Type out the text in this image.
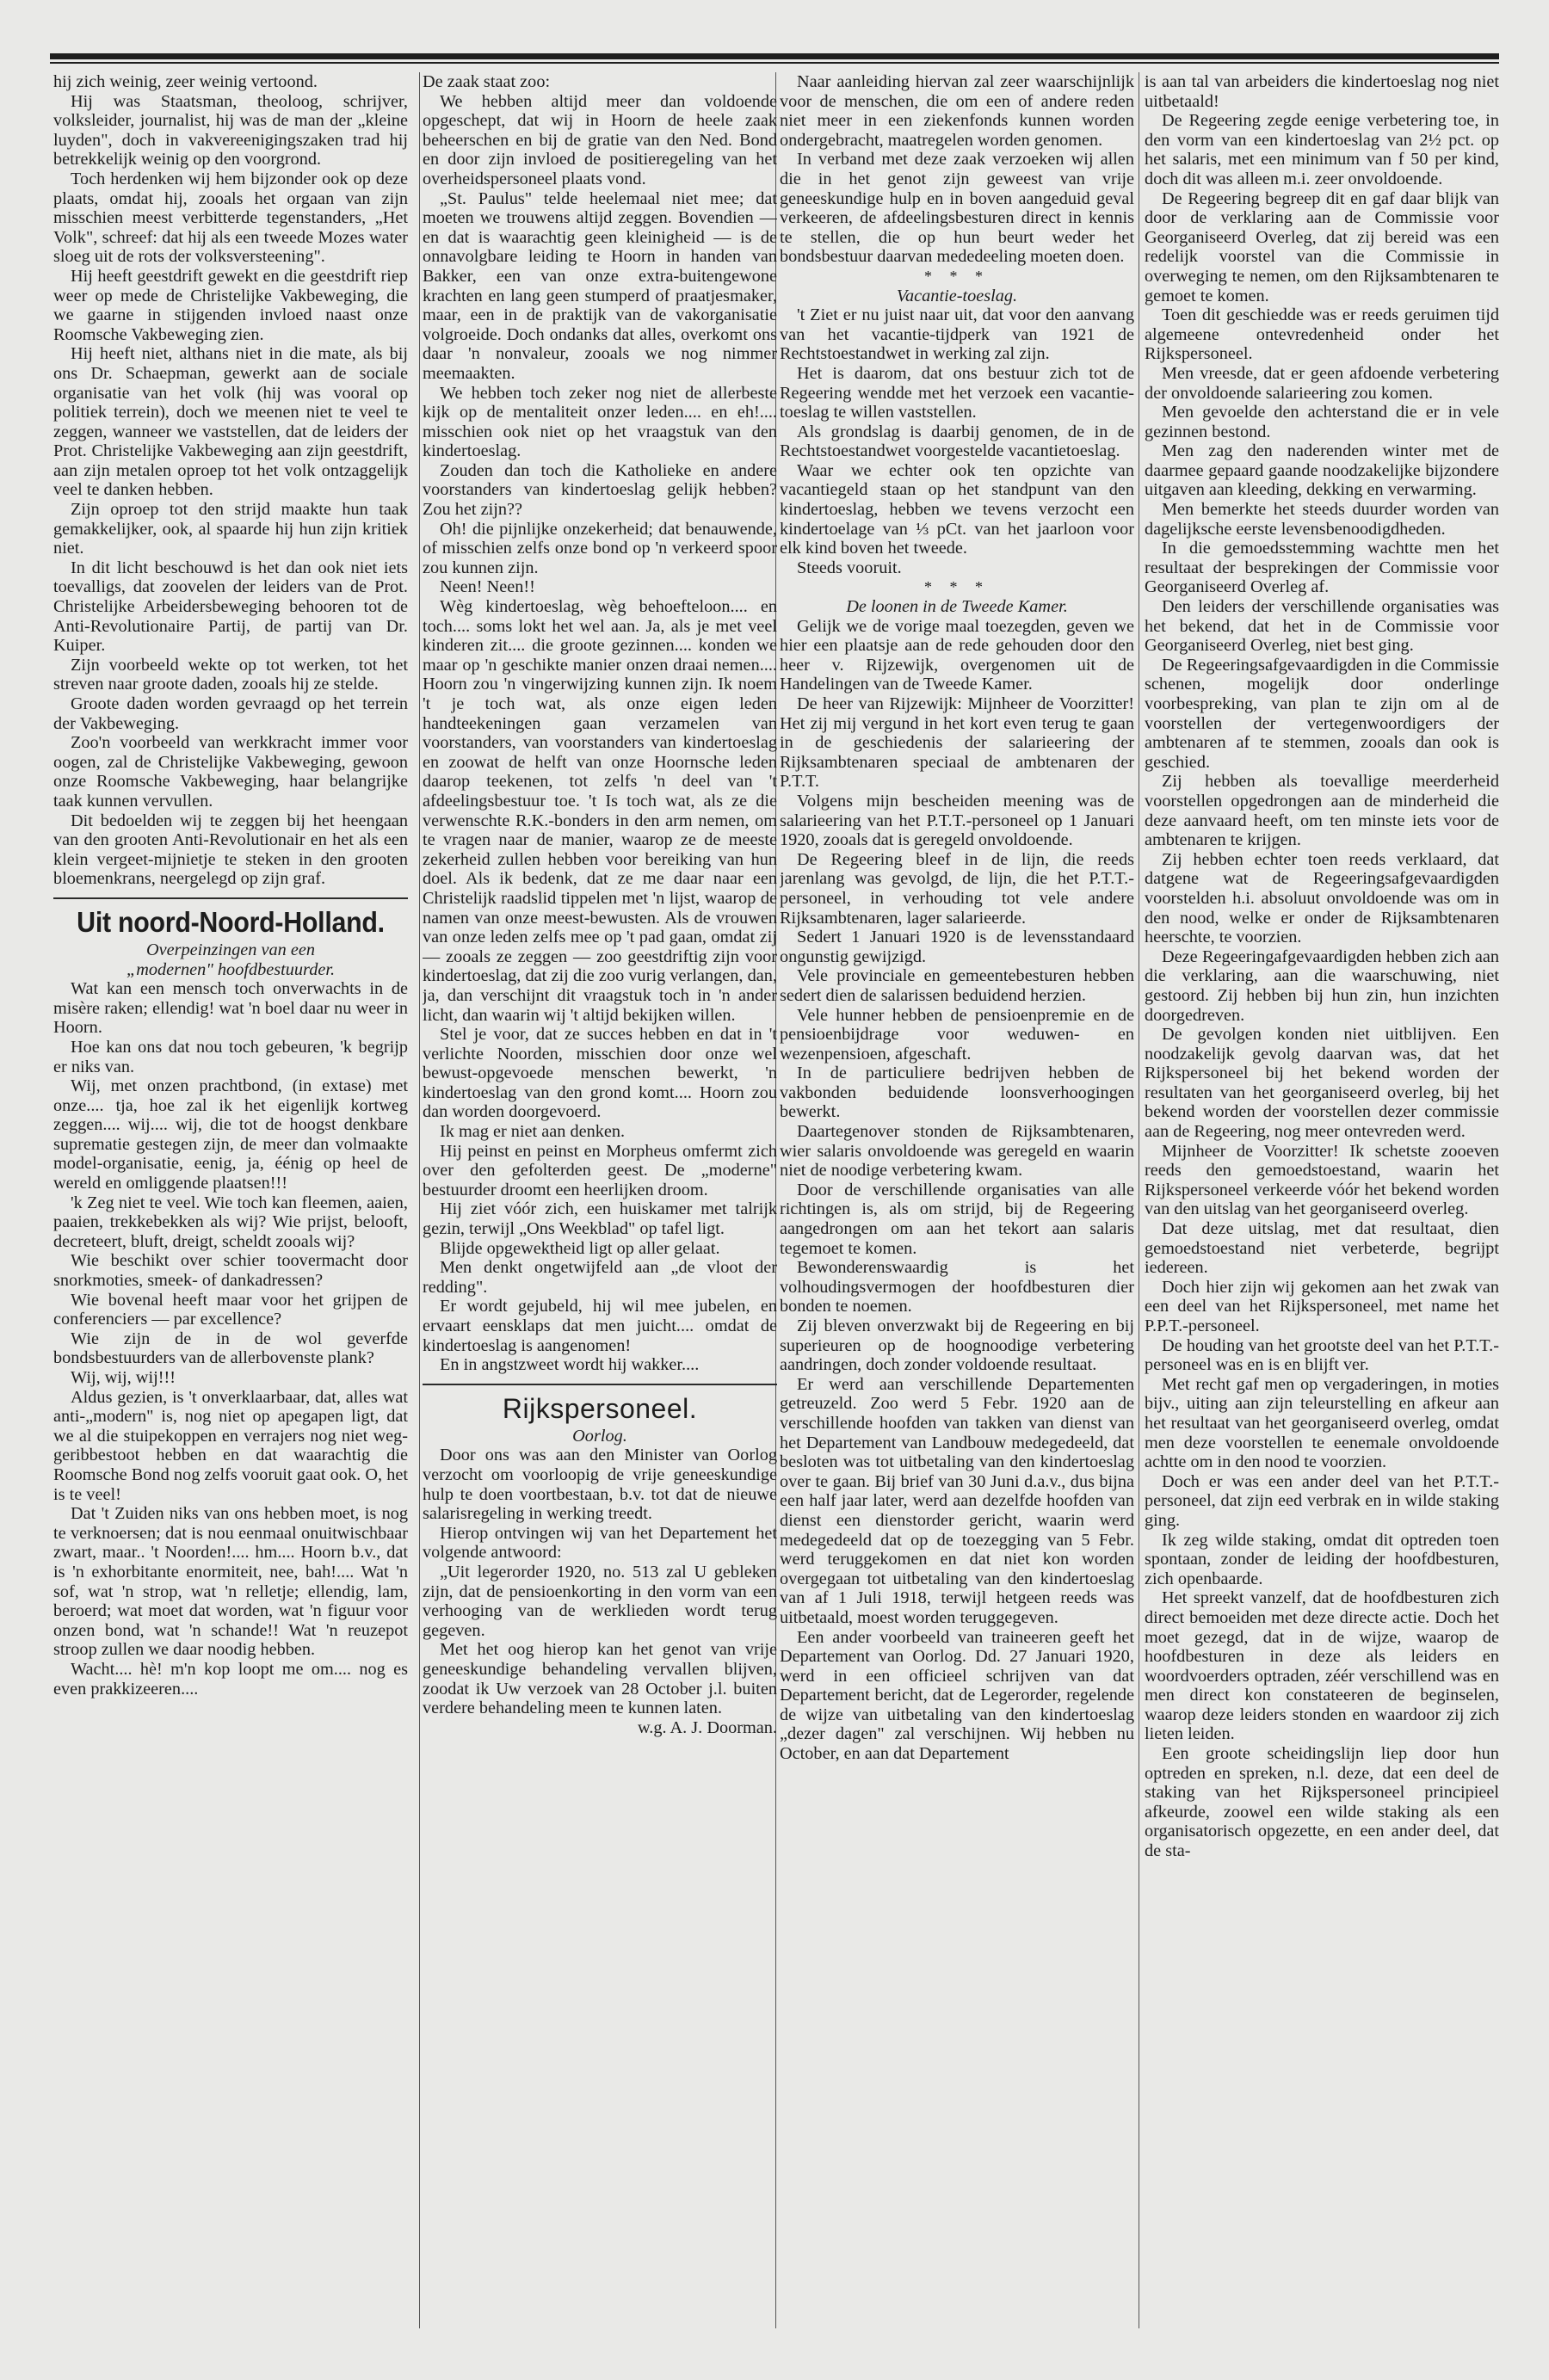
hij zich weinig, zeer weinig vertoond.

Hij was Staatsman, theoloog, schrijver, volksleider, journalist, hij was de man der „kleine luyden", doch in vakvereenigingszaken trad hij betrekkelijk weinig op den voorgrond.

Toch herdenken wij hem bijzonder ook op deze plaats, omdat hij, zooals het orgaan van zijn misschien meest verbitterde tegenstanders, „Het Volk", schreef: dat hij als een tweede Mozes water sloeg uit de rots der volksversteening".

Hij heeft geestdrift gewekt en die geestdrift riep weer op mede de Christelijke Vakbeweging, die we gaarne in stijgenden invloed naast onze Roomsche Vakbeweging zien.

Hij heeft niet, althans niet in die mate, als bij ons Dr. Schaepman, gewerkt aan de sociale organisatie van het volk (hij was vooral op politiek terrein), doch we meenen niet te veel te zeggen, wanneer we vaststellen, dat de leiders der Prot. Christelijke Vakbeweging aan zijn geestdrift, aan zijn metalen oproep tot het volk ontzaggelijk veel te danken hebben.

Zijn oproep tot den strijd maakte hun taak gemakkelijker, ook, al spaarde hij hun zijn kritiek niet.

In dit licht beschouwd is het dan ook niet iets toevalligs, dat zoovelen der leiders van de Prot. Christelijke Arbeidersbeweging behooren tot de Anti-Revolutionaire Partij, de partij van Dr. Kuiper.

Zijn voorbeeld wekte op tot werken, tot het streven naar groote daden, zooals hij ze stelde.

Groote daden worden gevraagd op het terrein der Vakbeweging.

Zoo'n voorbeeld van werkkracht immer voor oogen, zal de Christelijke Vakbeweging, gewoon onze Roomsche Vakbeweging, haar belangrijke taak kunnen vervullen.

Dit bedoelden wij te zeggen bij het heengaan van den grooten Anti-Revolutionair en het als een klein vergeet-mijnietje te steken in den grooten bloemenkrans, neergelegd op zijn graf.

Uit noord-Noord-Holland.

Overpeinzingen van een

„modernen" hoofdbestuurder.

Wat kan een mensch toch onverwachts in de misère raken; ellendig! wat 'n boel daar nu weer in Hoorn.

Hoe kan ons dat nou toch gebeuren, 'k begrijp er niks van.

Wij, met onzen prachtbond, (in extase) met onze.... tja, hoe zal ik het eigenlijk kortweg zeggen.... wij.... wij, die tot de hoogst denkbare suprematie gestegen zijn, de meer dan volmaakte model-organisatie, eenig, ja, éénig op heel de wereld en omliggende plaatsen!!!

'k Zeg niet te veel. Wie toch kan fleemen, aaien, paaien, trekkebekken als wij? Wie prijst, belooft, decreteert, bluft, dreigt, scheldt zooals wij?

Wie beschikt over schier toovermacht door snorkmoties, smeek- of dankadressen?

Wie bovenal heeft maar voor het grijpen de conferenciers — par excellence?

Wie zijn de in de wol geverfde bondsbestuurders van de allerbovenste plank?

Wij, wij, wij!!!

Aldus gezien, is 't onverklaarbaar, dat, alles wat anti-„modern" is, nog niet op apegapen ligt, dat we al die stuipekoppen en verrajers nog niet weg-geribbestoot hebben en dat waarachtig die Roomsche Bond nog zelfs vooruit gaat ook. O, het is te veel!

Dat 't Zuiden niks van ons hebben moet, is nog te verknoersen; dat is nou eenmaal onuitwischbaar zwart, maar.. 't Noorden!.... hm.... Hoorn b.v., dat is 'n exhorbitante enormiteit, nee, bah!.... Wat 'n sof, wat 'n strop, wat 'n relletje; ellendig, lam, beroerd; wat moet dat worden, wat 'n figuur voor onzen bond, wat 'n schande!! Wat 'n reuzepot stroop zullen we daar noodig hebben.

Wacht.... hè! m'n kop loopt me om.... nog es even prakkizeeren....

De zaak staat zoo:

We hebben altijd meer dan voldoende opgeschept, dat wij in Hoorn de heele zaak beheerschen en bij de gratie van den Ned. Bond en door zijn invloed de positieregeling van het overheidspersoneel plaats vond.

„St. Paulus" telde heelemaal niet mee; dat moeten we trouwens altijd zeggen. Bovendien — en dat is waarachtig geen kleinigheid — is de onnavolgbare leiding te Hoorn in handen van Bakker, een van onze extra-buitengewone krachten en lang geen stumperd of praatjesmaker, maar, een in de praktijk van de vakorganisatie volgroeide. Doch ondanks dat alles, overkomt ons daar 'n nonvaleur, zooals we nog nimmer meemaakten.

We hebben toch zeker nog niet de allerbeste kijk op de mentaliteit onzer leden.... en eh!.... misschien ook niet op het vraagstuk van den kindertoeslag.

Zouden dan toch die Katholieke en andere voorstanders van kindertoeslag gelijk hebben? Zou het zijn??

Oh! die pijnlijke onzekerheid; dat benauwende, of misschien zelfs onze bond op 'n verkeerd spoor zou kunnen zijn.

Neen! Neen!!

Wèg kindertoeslag, wèg behoefteloon.... en toch.... soms lokt het wel aan. Ja, als je met veel kinderen zit.... die groote gezinnen.... konden we maar op 'n geschikte manier onzen draai nemen.... Hoorn zou 'n vingerwijzing kunnen zijn. Ik noem 't je toch wat, als onze eigen leden handteekeningen gaan verzamelen van voorstanders, van voorstanders van kindertoeslag en zoowat de helft van onze Hoornsche leden daarop teekenen, tot zelfs 'n deel van 't afdeelingsbestuur toe. 't Is toch wat, als ze die verwenschte R.K.-bonders in den arm nemen, om te vragen naar de manier, waarop ze de meeste zekerheid zullen hebben voor bereiking van hun doel. Als ik bedenk, dat ze me daar naar een Christelijk raadslid tippelen met 'n lijst, waarop de namen van onze meest-bewusten. Als de vrouwen van onze leden zelfs mee op 't pad gaan, omdat zij — zooals ze zeggen — zoo geestdriftig zijn voor kindertoeslag, dat zij die zoo vurig verlangen, dan, ja, dan verschijnt dit vraagstuk toch in 'n ander licht, dan waarin wij 't altijd bekijken willen.

Stel je voor, dat ze succes hebben en dat in 't verlichte Noorden, misschien door onze wel bewust-opgevoede menschen bewerkt, 'n kindertoeslag van den grond komt.... Hoorn zou dan worden doorgevoerd.

Ik mag er niet aan denken.

Hij peinst en peinst en Morpheus omfermt zich over den gefolterden geest. De „moderne" bestuurder droomt een heerlijken droom.

Hij ziet vóór zich, een huiskamer met talrijk gezin, terwijl „Ons Weekblad" op tafel ligt.

Blijde opgewektheid ligt op aller gelaat.

Men denkt ongetwijfeld aan „de vloot der redding".

Er wordt gejubeld, hij wil mee jubelen, en ervaart eensklaps dat men juicht.... omdat de kindertoeslag is aangenomen!

En in angstzweet wordt hij wakker....

Rijkspersoneel.

Oorlog.

Door ons was aan den Minister van Oorlog verzocht om voorloopig de vrije geneeskundige hulp te doen voortbestaan, b.v. tot dat de nieuwe salarisregeling in werking treedt.

Hierop ontvingen wij van het Departement het volgende antwoord:

„Uit legerorder 1920, no. 513 zal U gebleken zijn, dat de pensioenkorting in den vorm van een verhooging van de werklieden wordt terug gegeven.

Met het oog hierop kan het genot van vrije geneeskundige behandeling vervallen blijven, zoodat ik Uw verzoek van 28 October j.l. buiten verdere behandeling meen te kunnen laten.

w.g. A. J. Doorman.

Naar aanleiding hiervan zal zeer waarschijnlijk voor de menschen, die om een of andere reden niet meer in een ziekenfonds kunnen worden ondergebracht, maatregelen worden genomen.

In verband met deze zaak verzoeken wij allen die in het genot zijn geweest van vrije geneeskundige hulp en in boven aangeduid geval verkeeren, de afdeelingsbesturen direct in kennis te stellen, die op hun beurt weder het bondsbestuur daarvan mededeeling moeten doen.

* * *

Vacantie-toeslag.

't Ziet er nu juist naar uit, dat voor den aanvang van het vacantie-tijdperk van 1921 de Rechtstoestandwet in werking zal zijn.

Het is daarom, dat ons bestuur zich tot de Regeering wendde met het verzoek een vacantie-toeslag te willen vaststellen.

Als grondslag is daarbij genomen, de in de Rechtstoestandwet voorgestelde vacantietoeslag.

Waar we echter ook ten opzichte van vacantiegeld staan op het standpunt van den kindertoeslag, hebben we tevens verzocht een kindertoelage van ⅓ pCt. van het jaarloon voor elk kind boven het tweede.

Steeds vooruit.

* * *

De loonen in de Tweede Kamer.

Gelijk we de vorige maal toezegden, geven we hier een plaatsje aan de rede gehouden door den heer v. Rijzewijk, overgenomen uit de Handelingen van de Tweede Kamer.

De heer van Rijzewijk: Mijnheer de Voorzitter! Het zij mij vergund in het kort even terug te gaan in de geschiedenis der salarieering der Rijksambtenaren speciaal de ambtenaren der P.T.T.

Volgens mijn bescheiden meening was de salarieering van het P.T.T.-personeel op 1 Januari 1920, zooals dat is geregeld onvoldoende.

De Regeering bleef in de lijn, die reeds jarenlang was gevolgd, de lijn, die het P.T.T.-personeel, in verhouding tot vele andere Rijksambtenaren, lager salarieerde.

Sedert 1 Januari 1920 is de levensstandaard ongunstig gewijzigd.

Vele provinciale en gemeentebesturen hebben sedert dien de salarissen beduidend herzien.

Vele hunner hebben de pensioenpremie en de pensioenbijdrage voor weduwen- en wezenpensioen, afgeschaft.

In de particuliere bedrijven hebben de vakbonden beduidende loonsverhoogingen bewerkt.

Daartegenover stonden de Rijksambtenaren, wier salaris onvoldoende was geregeld en waarin niet de noodige verbetering kwam.

Door de verschillende organisaties van alle richtingen is, als om strijd, bij de Regeering aangedrongen om aan het tekort aan salaris tegemoet te komen.

Bewonderenswaardig is het volhoudingsvermogen der hoofdbesturen dier bonden te noemen.

Zij bleven onverzwakt bij de Regeering en bij superieuren op de hoognoodige verbetering aandringen, doch zonder voldoende resultaat.

Er werd aan verschillende Departementen getreuzeld. Zoo werd 5 Febr. 1920 aan de verschillende hoofden van takken van dienst van het Departement van Landbouw medegedeeld, dat besloten was tot uitbetaling van den kindertoeslag over te gaan. Bij brief van 30 Juni d.a.v., dus bijna een half jaar later, werd aan dezelfde hoofden van dienst een dienstorder gericht, waarin werd medegedeeld dat op de toezegging van 5 Febr. werd teruggekomen en dat niet kon worden overgegaan tot uitbetaling van den kindertoeslag van af 1 Juli 1918, terwijl hetgeen reeds was uitbetaald, moest worden teruggegeven.

Een ander voorbeeld van traineeren geeft het Departement van Oorlog. Dd. 27 Januari 1920, werd in een officieel schrijven van dat Departement bericht, dat de Legerorder, regelende de wijze van uitbetaling van den kindertoeslag „dezer dagen" zal verschijnen. Wij hebben nu October, en aan dat Departement

is aan tal van arbeiders die kindertoeslag nog niet uitbetaald!

De Regeering zegde eenige verbetering toe, in den vorm van een kindertoeslag van 2½ pct. op het salaris, met een minimum van f 50 per kind, doch dit was alleen m.i. zeer onvoldoende.

De Regeering begreep dit en gaf daar blijk van door de verklaring aan de Commissie voor Georganiseerd Overleg, dat zij bereid was een redelijk voorstel van die Commissie in overweging te nemen, om den Rijksambtenaren te gemoet te komen.

Toen dit geschiedde was er reeds geruimen tijd algemeene ontevredenheid onder het Rijkspersoneel.

Men vreesde, dat er geen afdoende verbetering der onvoldoende salarieering zou komen.

Men gevoelde den achterstand die er in vele gezinnen bestond.

Men zag den naderenden winter met de daarmee gepaard gaande noodzakelijke bijzondere uitgaven aan kleeding, dekking en verwarming.

Men bemerkte het steeds duurder worden van dagelijksche eerste levensbenoodigdheden.

In die gemoedsstemming wachtte men het resultaat der besprekingen der Commissie voor Georganiseerd Overleg af.

Den leiders der verschillende organisaties was het bekend, dat het in de Commissie voor Georganiseerd Overleg, niet best ging.

De Regeeringsafgevaardigden in die Commissie schenen, mogelijk door onderlinge voorbespreking, van plan te zijn om al de voorstellen der vertegenwoordigers der ambtenaren af te stemmen, zooals dan ook is geschied.

Zij hebben als toevallige meerderheid voorstellen opgedrongen aan de minderheid die deze aanvaard heeft, om ten minste iets voor de ambtenaren te krijgen.

Zij hebben echter toen reeds verklaard, dat datgene wat de Regeeringsafgevaardigden voorstelden h.i. absoluut onvoldoende was om in den nood, welke er onder de Rijksambtenaren heerschte, te voorzien.

Deze Regeeringafgevaardigden hebben zich aan die verklaring, aan die waarschuwing, niet gestoord. Zij hebben bij hun zin, hun inzichten doorgedreven.

De gevolgen konden niet uitblijven. Een noodzakelijk gevolg daarvan was, dat het Rijkspersoneel bij het bekend worden der resultaten van het georganiseerd overleg, bij het bekend worden der voorstellen dezer commissie aan de Regeering, nog meer ontevreden werd.

Mijnheer de Voorzitter! Ik schetste zooeven reeds den gemoedstoestand, waarin het Rijkspersoneel verkeerde vóór het bekend worden van den uitslag van het georganiseerd overleg.

Dat deze uitslag, met dat resultaat, dien gemoedstoestand niet verbeterde, begrijpt iedereen.

Doch hier zijn wij gekomen aan het zwak van een deel van het Rijkspersoneel, met name het P.P.T.-personeel.

De houding van het grootste deel van het P.T.T.-personeel was en is en blijft ver.

Met recht gaf men op vergaderingen, in moties bijv., uiting aan zijn teleurstelling en afkeur aan het resultaat van het georganiseerd overleg, omdat men deze voorstellen te eenemale onvoldoende achtte om in den nood te voorzien.

Doch er was een ander deel van het P.T.T.-personeel, dat zijn eed verbrak en in wilde staking ging.

Ik zeg wilde staking, omdat dit optreden toen spontaan, zonder de leiding der hoofdbesturen, zich openbaarde.

Het spreekt vanzelf, dat de hoofdbesturen zich direct bemoeiden met deze directe actie. Doch het moet gezegd, dat in de wijze, waarop de hoofdbesturen in deze als leiders en woordvoerders optraden, zéér verschillend was en men direct kon constateeren de beginselen, waarop deze leiders stonden en waardoor zij zich lieten leiden.

Een groote scheidingslijn liep door hun optreden en spreken, n.l. deze, dat een deel de staking van het Rijkspersoneel principieel afkeurde, zoowel een wilde staking als een organisatorisch opgezette, en een ander deel, dat de sta-
